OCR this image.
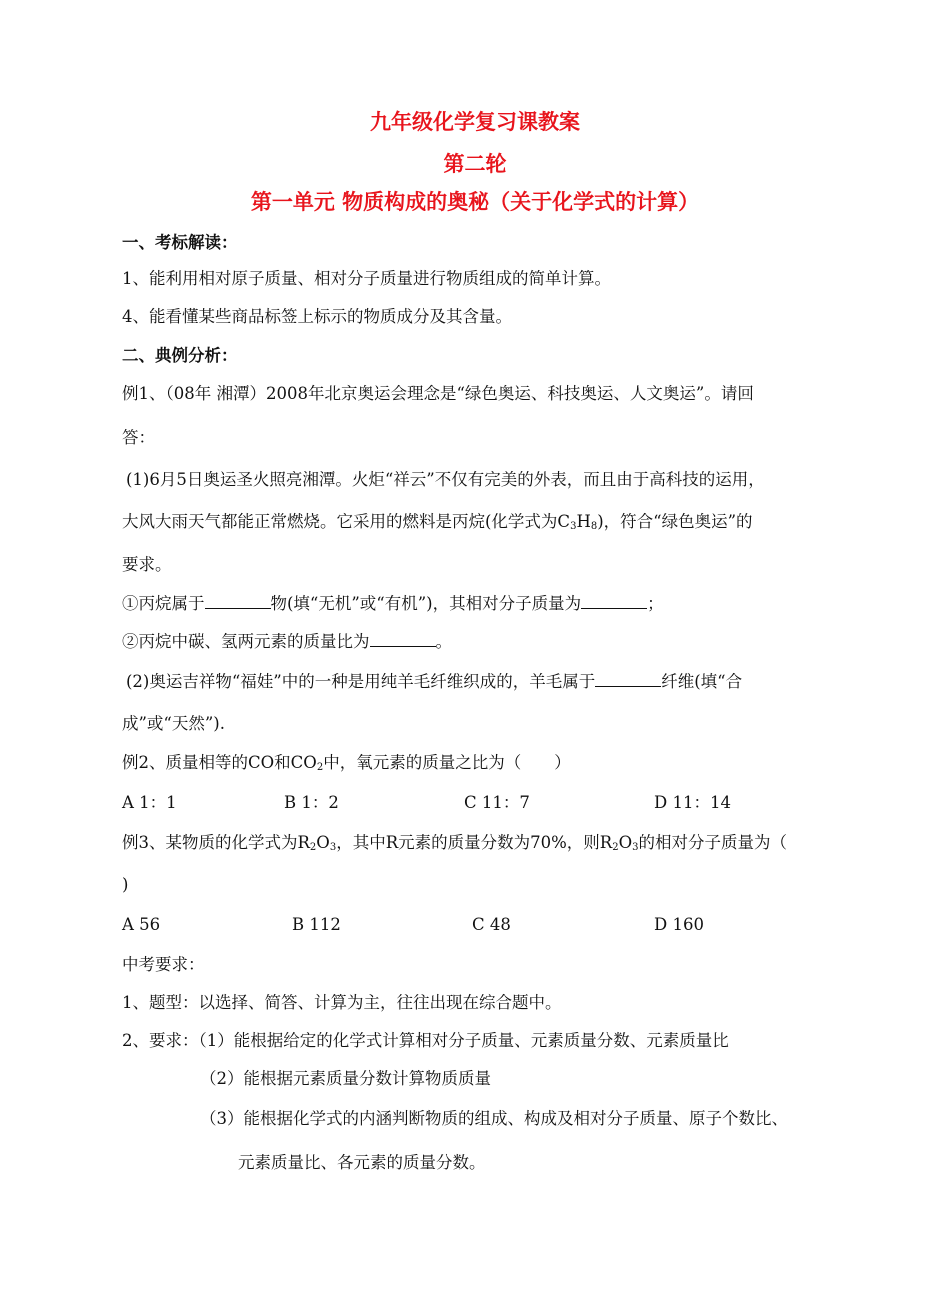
九年级化学复习课教案
第二轮
第一单元 物质构成的奥秘（关于化学式的计算）
一、考标解读：
1、能利用相对原子质量、相对分子质量进行物质组成的简单计算。
4、能看懂某些商品标签上标示的物质成分及其含量。
二、典例分析：
例1、（08年 湘潭）2008年北京奥运会理念是“绿色奥运、科技奥运、人文奥运”。请回
答：
(1)6月5日奥运圣火照亮湘潭。火炬“祥云”不仅有完美的外表，而且由于高科技的运用，
大风大雨天气都能正常燃烧。它采用的燃料是丙烷(化学式为$C_3H_8$)，符合“绿色奥运”的
要求。
①丙烷属于	物(填“无机”或“有机”)，其相对分子质量为	；
②丙烷中碳、氢两元素的质量比为	。
(2)奥运吉祥物“福娃”中的一种是用纯羊毛纤维织成的，羊毛属于	纤维(填“合
成”或“天然”).
例2、质量相等的CO和$CO_2$中，氧元素的质量之比为（　　）
A 1：1	B 1：2	C 11：7	D 11：14
例3、某物质的化学式为$R_2O_3$，其中R元素的质量分数为70%，则$R_2O_3$的相对分子质量为（
)
A 56	B 112	C 48	D 160
中考要求：
1、题型：以选择、简答、计算为主，往往出现在综合题中。
2、要求：（1）能根据给定的化学式计算相对分子质量、元素质量分数、元素质量比
（2）能根据元素质量分数计算物质质量
（3）能根据化学式的内涵判断物质的组成、构成及相对分子质量、原子个数比、
元素质量比、各元素的质量分数。
